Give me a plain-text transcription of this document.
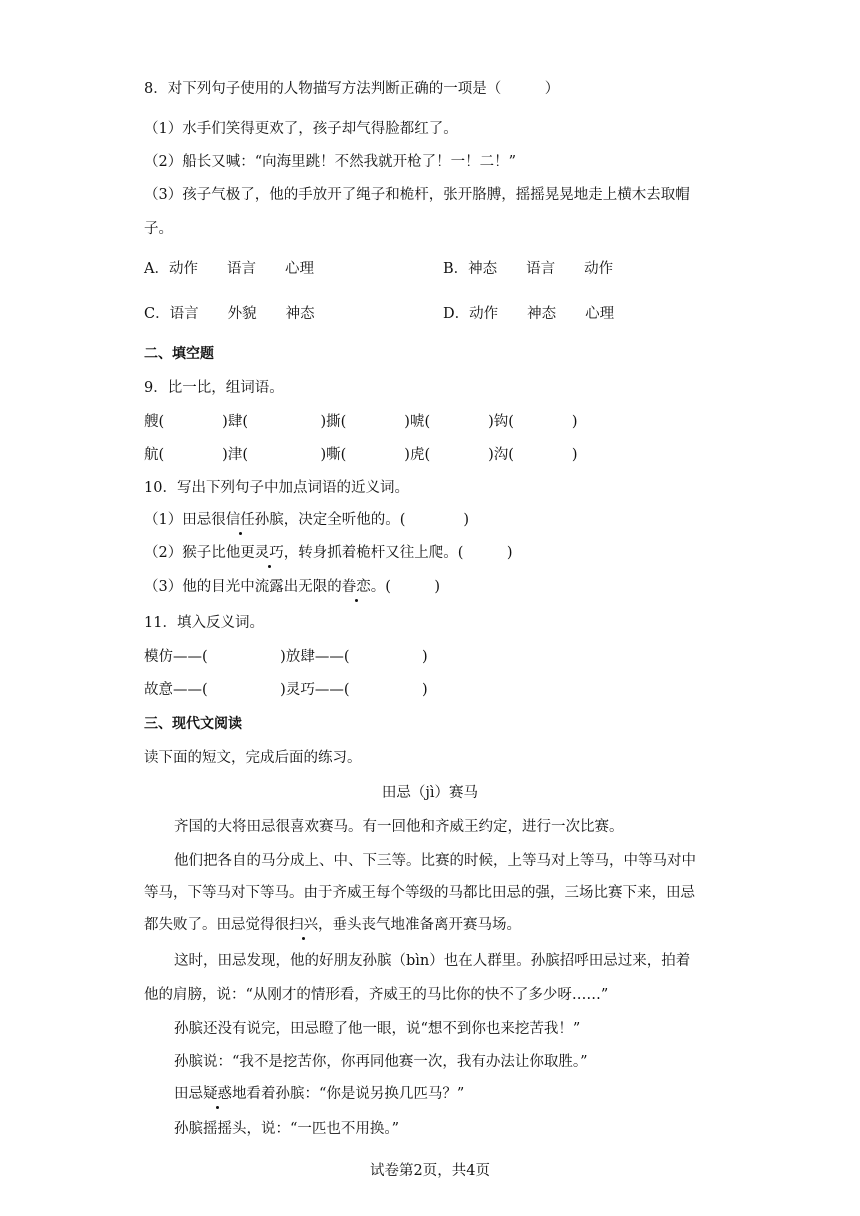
8．对下列句子使用的人物描写方法判断正确的一项是（　　　）
（1）水手们笑得更欢了，孩子却气得脸都红了。
（2）船长又喊：“向海里跳！不然我就开枪了！一！二！”
（3）孩子气极了，他的手放开了绳子和桅杆，张开胳膊，摇摇晃晃地走上横木去取帽
子。
A．动作　　语言　　心理	B．神态　　语言　　动作
C．语言　　外貌　　神态	D．动作　　神态　　心理
二、填空题
9．比一比，组词语。
艘(　　　　)肆(　　　　　)撕(　　　　)唬(　　　　)钩(　　　　)
航(　　　　)津(　　　　　)嘶(　　　　)虎(　　　　)沟(　　　　)
10．写出下列句子中加点词语的近义词。
（1）田忌很信任孙膑，决定全听他的。(　　　　)
（2）猴子比他更灵巧，转身抓着桅杆又往上爬。(　　　)
（3）他的目光中流露出无限的眷恋。(　　　)
11．填入反义词。
模仿——(　　　　　)放肆——(　　　　　)
故意——(　　　　　)灵巧——(　　　　　)
三、现代文阅读
读下面的短文，完成后面的练习。
田忌（jì）赛马
齐国的大将田忌很喜欢赛马。有一回他和齐威王约定，进行一次比赛。
他们把各自的马分成上、中、下三等。比赛的时候，上等马对上等马，中等马对中
等马，下等马对下等马。由于齐威王每个等级的马都比田忌的强，三场比赛下来，田忌
都失败了。田忌觉得很扫兴，垂头丧气地准备离开赛马场。
这时，田忌发现，他的好朋友孙膑（bìn）也在人群里。孙膑招呼田忌过来，拍着
他的肩膀，说：“从刚才的情形看，齐威王的马比你的快不了多少呀……”
孙膑还没有说完，田忌瞪了他一眼，说“想不到你也来挖苦我！”
孙膑说：“我不是挖苦你，你再同他赛一次，我有办法让你取胜。”
田忌疑惑地看着孙膑：“你是说另换几匹马？”
孙膑摇摇头，说：“一匹也不用换。”
试卷第2页，共4页
